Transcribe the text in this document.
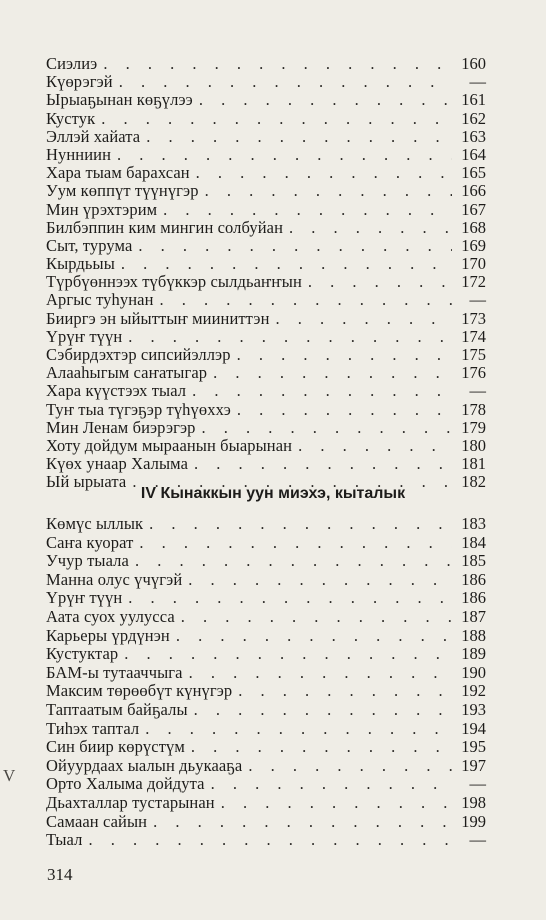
Сиэлиэ . . .	160
Күөрэгэй . . .	—
Ырыаҕынан көҕүлээ . . .	161
Кустук . . .	162
Эллэй хайата . . .	163
Нунниин . . .	164
Хара тыам барахсан . . .	165
Уум көппүт түүнүгэр . . .	166
Мин үрэхтэрим . . .	167
Билбэппин ким мингин солбуйан . . .	168
Сыт, турума . . .	169
Кырдьыы . . .	170
Түрбүөннээх түбүккэр сылдьаҥҥын . . .	172
Аргыс туһунан . . .	—
Бииргэ эн ыйыттыҥ мииниттэн . . .	173
Үрүҥ түүн . . .	174
Сэбирдэхтэр сипсийэллэр . . .	175
Алааһыгым саҥатыгар . . .	176
Хара күүстээх тыал . . .	—
Туҥ тыа түгэҕэр түһүөххэ . . .	178
Мин Ленам биэрэгэр . . .	179
Хоту дойдум мыраанын быарынан . . .	180
Күөх унаар Халыма . . .	181
Ый ырыата . . .	182
IV Кынаккын уун миэхэ, кыталык
Көмүс ыллык . . .	183
Саҥа куорат . . .	184
Учур тыала . . .	185
Манна олус үчүгэй . . .	186
Үрүҥ түүн . . .	186
Аата суох уулусса . . .	187
Карьеры үрдүнэн . . .	188
Кустуктар . . .	189
БАМ-ы тутааччыга . . .	190
Максим төрөөбүт күнүгэр . . .	192
Таптаатым байҕалы . . .	193
Тиһэх таптал . . .	194
Син биир көрүстүм . . .	195
Ойуурдаах ыалын дьукааҕа . . .	197
Орто Халыма дойдута . . .	—
Дьахталлар тустарынан . . .	198
Самаан сайын . . .	199
Тыал . . .	—
V
314
